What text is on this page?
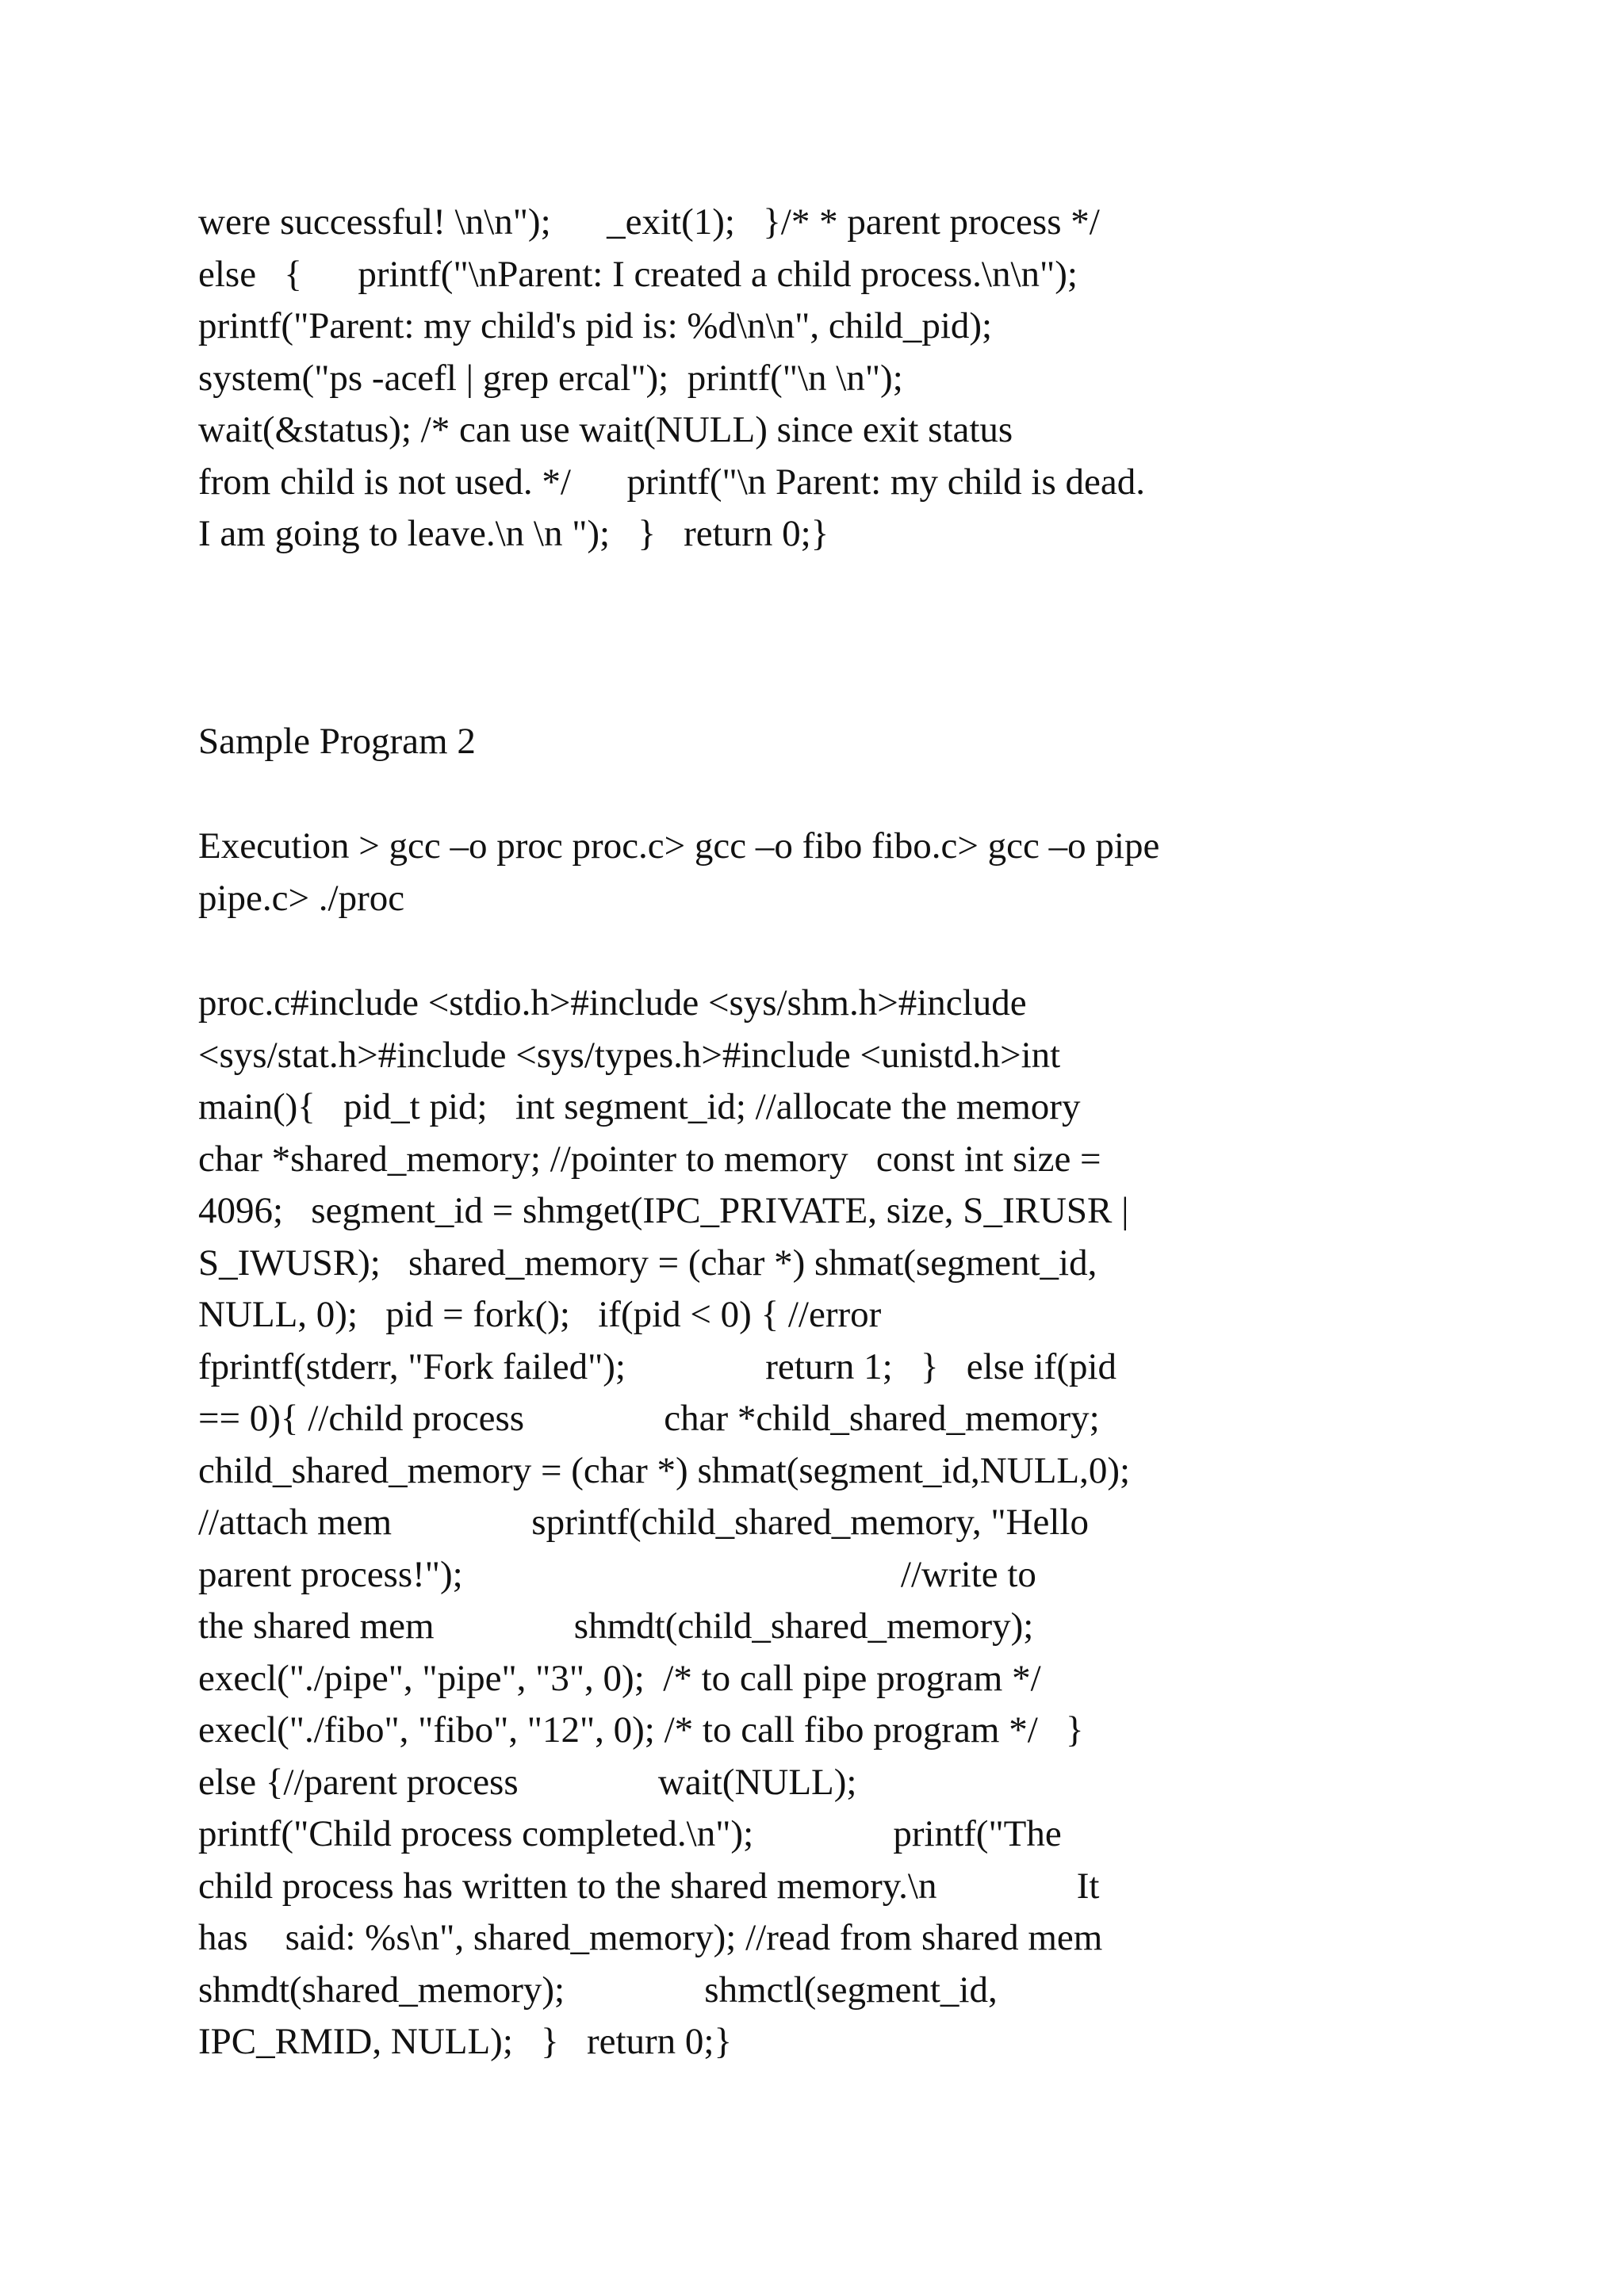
were successful! \n\n");      _exit(1);   }/* * parent process */
else   {      printf("\nParent: I created a child process.\n\n");
printf("Parent: my child's pid is: %d\n\n", child_pid);
system("ps -acefl | grep ercal");  printf("\n \n");
wait(&status); /* can use wait(NULL) since exit status
from child is not used. */      printf("\n Parent: my child is dead.
I am going to leave.\n \n ");   }   return 0;}
Sample Program 2
Execution > gcc –o proc proc.c> gcc –o fibo fibo.c> gcc –o pipe
pipe.c> ./proc
proc.c#include <stdio.h>#include <sys/shm.h>#include
<sys/stat.h>#include <sys/types.h>#include <unistd.h>int
main(){   pid_t pid;   int segment_id; //allocate the memory
char *shared_memory; //pointer to memory   const int size =
4096;   segment_id = shmget(IPC_PRIVATE, size, S_IRUSR |
S_IWUSR);   shared_memory = (char *) shmat(segment_id,
NULL, 0);   pid = fork();   if(pid < 0) { //error
fprintf(stderr, "Fork failed");               return 1;   }   else if(pid
== 0){ //child process               char *child_shared_memory;
child_shared_memory = (char *) shmat(segment_id,NULL,0);
//attach mem               sprintf(child_shared_memory, "Hello
parent process!");                                               //write to
the shared mem               shmdt(child_shared_memory);
execl("./pipe", "pipe", "3", 0);  /* to call pipe program */
execl("./fibo", "fibo", "12", 0); /* to call fibo program */   }
else {//parent process               wait(NULL);
printf("Child process completed.\n");               printf("The
child process has written to the shared memory.\n               It
has    said: %s\n", shared_memory); //read from shared mem
shmdt(shared_memory);               shmctl(segment_id,
IPC_RMID, NULL);   }   return 0;}
